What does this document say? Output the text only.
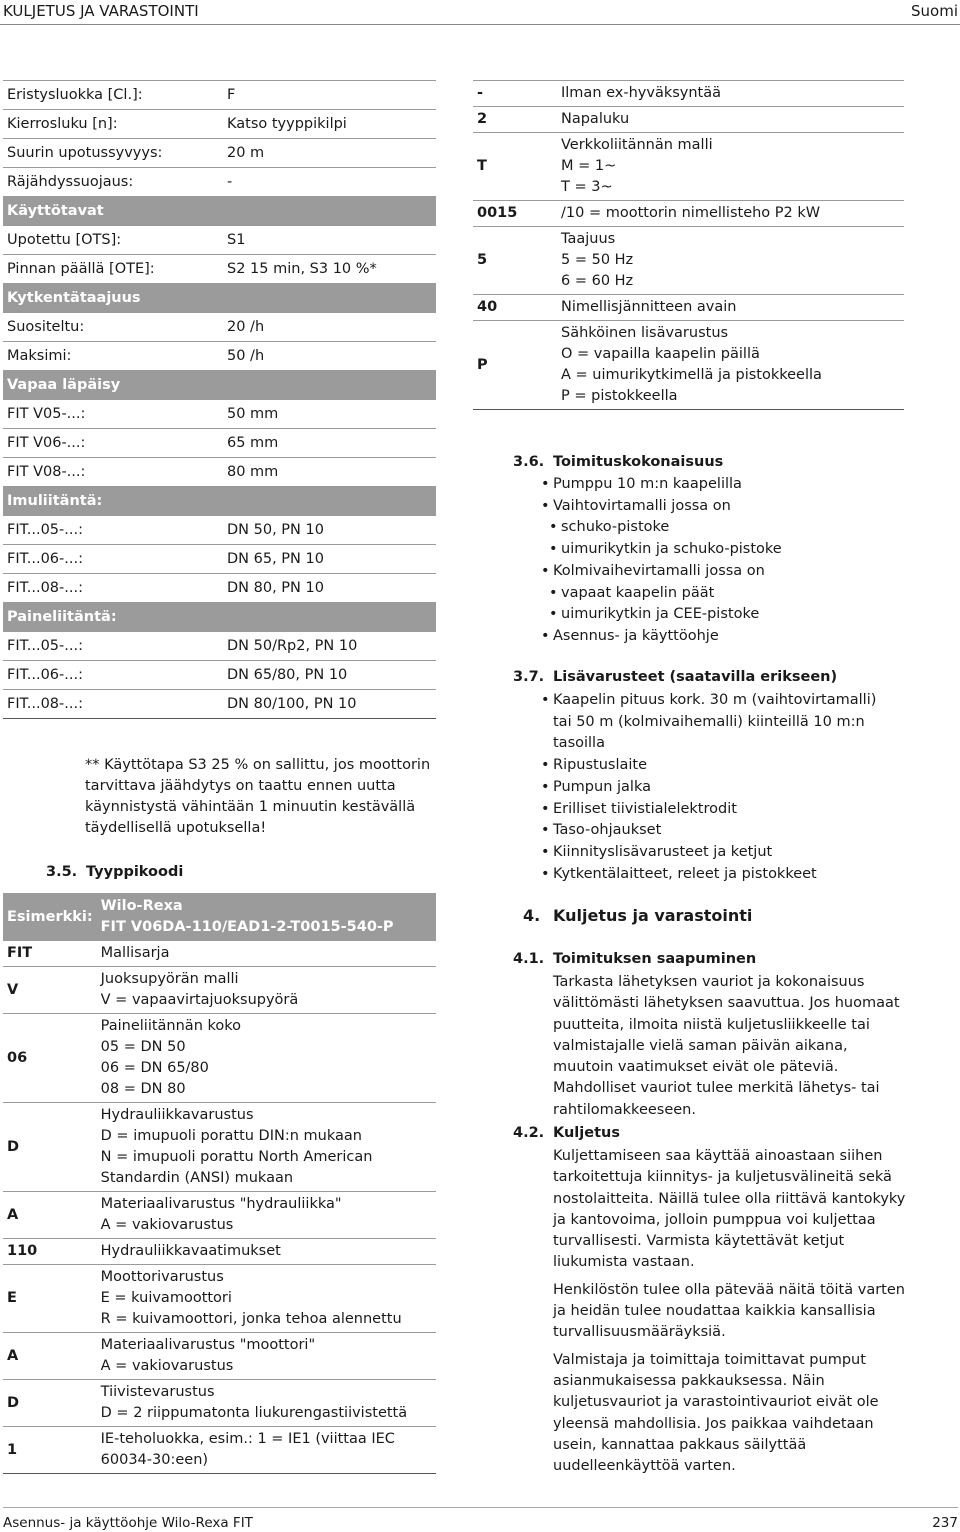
KULJETUS JA VARASTOINTI	Suomi
Eristysluokka [Cl.]:	F
Kierrosluku [n]:	Katso tyyppikilpi
Suurin upotussyvyys:	20 m
Räjähdyssuojaus:	-
Käyttötavat	
Upotettu [OTS]:	S1
Pinnan päällä [OTE]:	S2 15 min, S3 10 %*
Kytkentätaajuus	
Suositeltu:	20 /h
Maksimi:	50 /h
Vapaa läpäisy	
FIT V05-...:	50 mm
FIT V06-...:	65 mm
FIT V08-...:	80 mm
Imuliitäntä:	
FIT...05-...:	DN 50, PN 10
FIT...06-...:	DN 65, PN 10
FIT...08-...:	DN 80, PN 10
Paineliitäntä:	
FIT...05-...:	DN 50/Rp2, PN 10
FIT...06-...:	DN 65/80, PN 10
FIT...08-...:	DN 80/100, PN 10
** Käyttötapa S3 25 % on sallittu, jos moottorin tarvittava jäähdytys on taattu ennen uutta käynnistystä vähintään 1 minuutin kestävällä täydellisellä upotuksella!
3.5. Tyyppikoodi
Esimerkki:	Wilo-Rexa
FIT V06DA-110/EAD1-2-T0015-540-P

FIT	Mallisarja

V	Juoksupyörän malli
V = vapaavirtajuoksupyörä

06	Paineliitännän koko
05 = DN 50
06 = DN 65/80
08 = DN 80

D	Hydrauliikkavarustus
D = imupuoli porattu DIN:n mukaan
N = imupuoli porattu North American Standardin (ANSI) mukaan

A	Materiaalivarustus "hydrauliikka"
A = vakiovarustus

110	Hydrauliikkavaatimukset

E	Moottorivarustus
E = kuivamoottori
R = kuivamoottori, jonka tehoa alennettu

A	Materiaalivarustus "moottori"
A = vakiovarustus

D	Tiivistevarustus
D = 2 riippumatonta liukurengastiivistettä

1	IE-teholuokka, esim.: 1 = IE1 (viittaa IEC 60034-30:een)
-	Ilman ex-hyväksyntää

2	Napaluku

T	Verkkoliitännän malli
M = 1~
T = 3~

0015	/10 = moottorin nimellisteho P2 kW

5	Taajuus
5 = 50 Hz
6 = 60 Hz

40	Nimellisjännitteen avain

P	Sähköinen lisävarustus
O = vapailla kaapelin päillä
A = uimurikytkimellä ja pistokkeella
P = pistokkeella
3.6. Toimituskokonaisuus
• Pumppu 10 m:n kaapelilla
• Vaihtovirtamalli jossa on
• schuko-pistoke
• uimurikytkin ja schuko-pistoke
• Kolmivaihevirtamalli jossa on
• vapaat kaapelin päät
• uimurikytkin ja CEE-pistoke
• Asennus- ja käyttöohje
3.7. Lisävarusteet (saatavilla erikseen)
• Kaapelin pituus kork. 30 m (vaihtovirtamalli) tai 50 m (kolmivaihemalli) kiinteillä 10 m:n tasoilla
• Ripustuslaite
• Pumpun jalka
• Erilliset tiivistialelektrodit
• Taso-ohjaukset
• Kiinnityslisävarusteet ja ketjut
• Kytkentälaitteet, releet ja pistokkeet
4. Kuljetus ja varastointi
4.1. Toimituksen saapuminen

Tarkasta lähetyksen vauriot ja kokonaisuus välittömästi lähetyksen saavuttua. Jos huomaat puutteita, ilmoita niistä kuljetusliikkeelle tai valmistajalle vielä saman päivän aikana, muutoin vaatimukset eivät ole päteviä. Mahdolliset vauriot tulee merkitä lähetys- tai rahtilomakkeeseen.

4.2. Kuljetus

Kuljettamiseen saa käyttää ainoastaan siihen tarkoitettuja kiinnitys- ja kuljetusvälineitä sekä nostolaitteita. Näillä tulee olla riittävä kantokyky ja kantovoima, jolloin pumppua voi kuljettaa turvallisesti. Varmista käytettävät ketjut liukumista vastaan.

Henkilöstön tulee olla pätevää näitä töitä varten ja heidän tulee noudattaa kaikkia kansallisia turvallisuusmääräyksiä.

Valmistaja ja toimittaja toimittavat pumput asianmukaisessa pakkauksessa. Näin kuljetusvauriot ja varastointivauriot eivät ole yleensä mahdollisia. Jos paikkaa vaihdetaan usein, kannattaa pakkaus säilyttää uudelleenkäyttöä varten.

Asennus- ja käyttöohje Wilo-Rexa FIT	237
